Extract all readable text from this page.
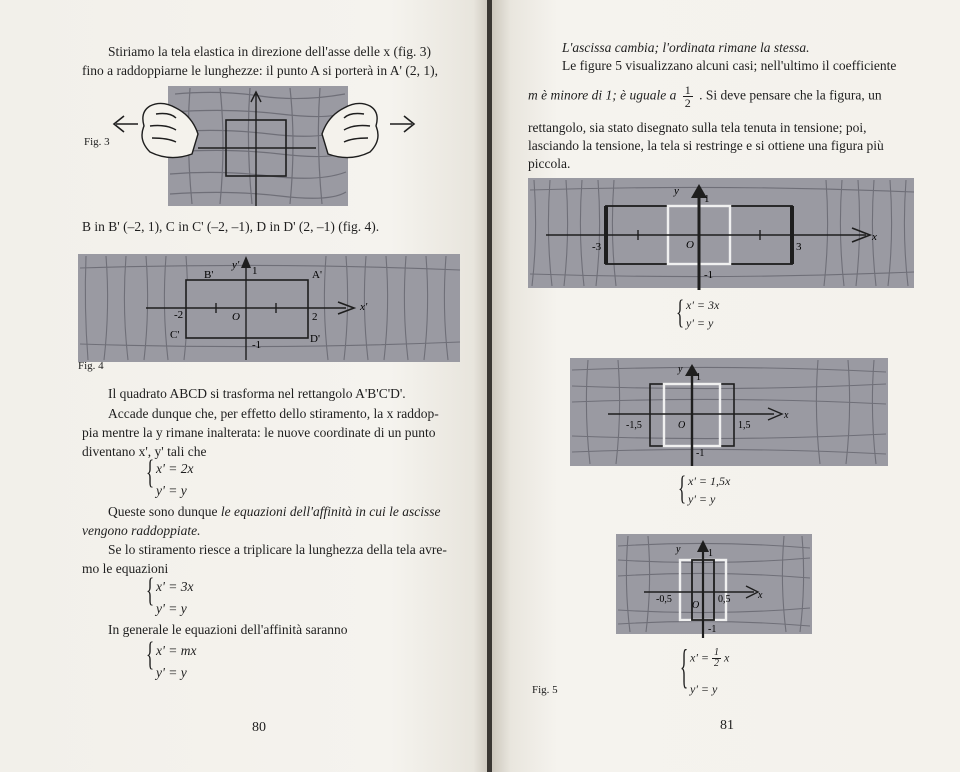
Stiriamo la tela elastica in direzione dell'asse delle x (fig. 3)
fino a raddoppiarne le lunghezze: il punto A si porterà in A' (2, 1),
Fig. 3
B in B' (–2, 1), C in C' (–2, –1), D in D' (2, –1) (fig. 4).
B'	A'
C'	D'
y' 1
-1
-2	2
O
x'
Fig. 4
Il quadrato ABCD si trasforma nel rettangolo A'B'C'D'.
Accade dunque che, per effetto dello stiramento, la x raddop-
pia mentre la y rimane inalterata: le nuove coordinate di un punto
diventano x', y' tali che
{ x' = 2x
y' = y
Queste sono dunque le equazioni dell'affinità in cui le ascisse
vengono raddoppiate.
Se lo stiramento riesce a triplicare la lunghezza della tela avre-
mo le equazioni
{ x' = 3x
y' = y
In generale le equazioni dell'affinità saranno
{ x' = mx
y' = y
80
L'ascissa cambia; l'ordinata rimane la stessa.
Le figure 5 visualizzano alcuni casi; nell'ultimo il coefficiente
m è minore di 1; è uguale a $\frac{1}{2}$ . Si deve pensare che la figura, un
rettangolo, sia stato disegnato sulla tela tenuta in tensione; poi,
lasciando la tensione, la tela si restringe e si ottiene una figura più
piccola.
y
1
-1
O
-3	3
x
{ x' = 3x
y' = y
y
1
-1
O
-1,5	1,5
x
{ x' = 1,5x
y' = y
y	1
-1
O
-0,5	0,5	x
{ $x' = \frac{1}{2}$ x
y' = y
Fig. 5
81
